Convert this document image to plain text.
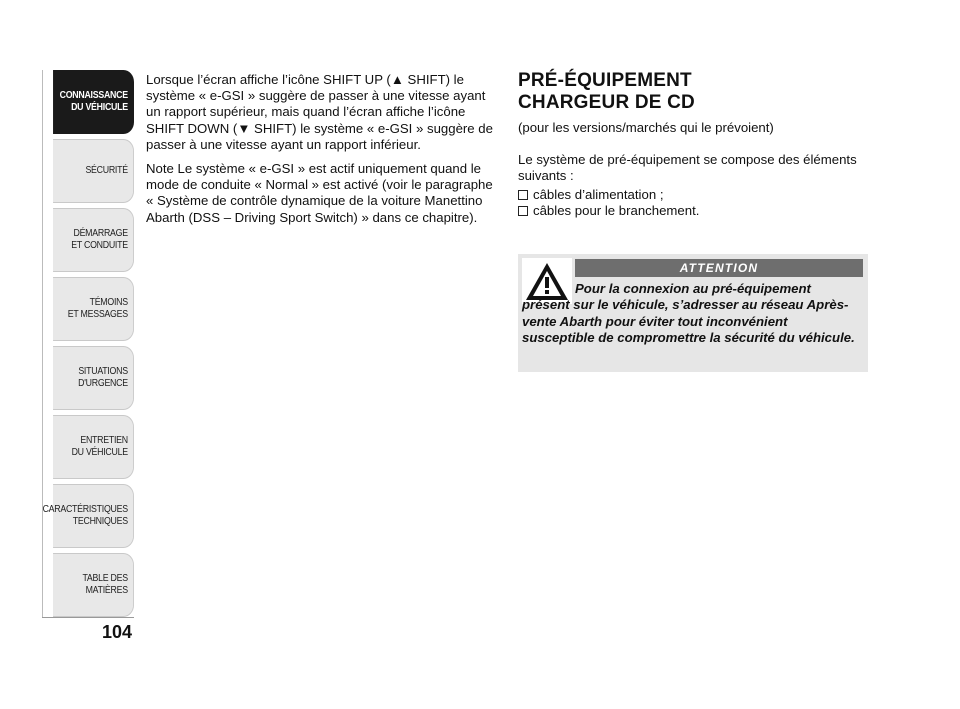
CONNAISSANCE
DU VÉHICULE
SÉCURITÉ
DÉMARRAGE
ET CONDUITE
TÉMOINS
ET MESSAGES
SITUATIONS
D'URGENCE
ENTRETIEN
DU VÉHICULE
CARACTÉRISTIQUES
TECHNIQUES
TABLE DES
MATIÈRES
104

Lorsque l’écran affiche l’icône SHIFT UP (▲ SHIFT) le système « e-GSI » suggère de passer à une vitesse ayant un rapport supérieur, mais quand l’écran affiche l’icône SHIFT DOWN (▼ SHIFT) le système « e-GSI » suggère de passer à une vitesse ayant un rapport inférieur.

Note Le système « e-GSI » est actif uniquement quand le mode de conduite « Normal » est activé (voir le paragraphe « Système de contrôle dynamique de la voiture Manettino Abarth (DSS – Driving Sport Switch) » dans ce chapitre).

PRÉ-ÉQUIPEMENT
CHARGEUR DE CD

(pour les versions/marchés qui le prévoient)

Le système de pré-équipement se compose des éléments suivants :

câbles d’alimentation ;
câbles pour le branchement.
ATTENTION

Pour la connexion au pré-équipement présent sur le véhicule, s’adresser au réseau Après-vente Abarth pour éviter tout inconvénient susceptible de compromettre la sécurité du véhicule.
